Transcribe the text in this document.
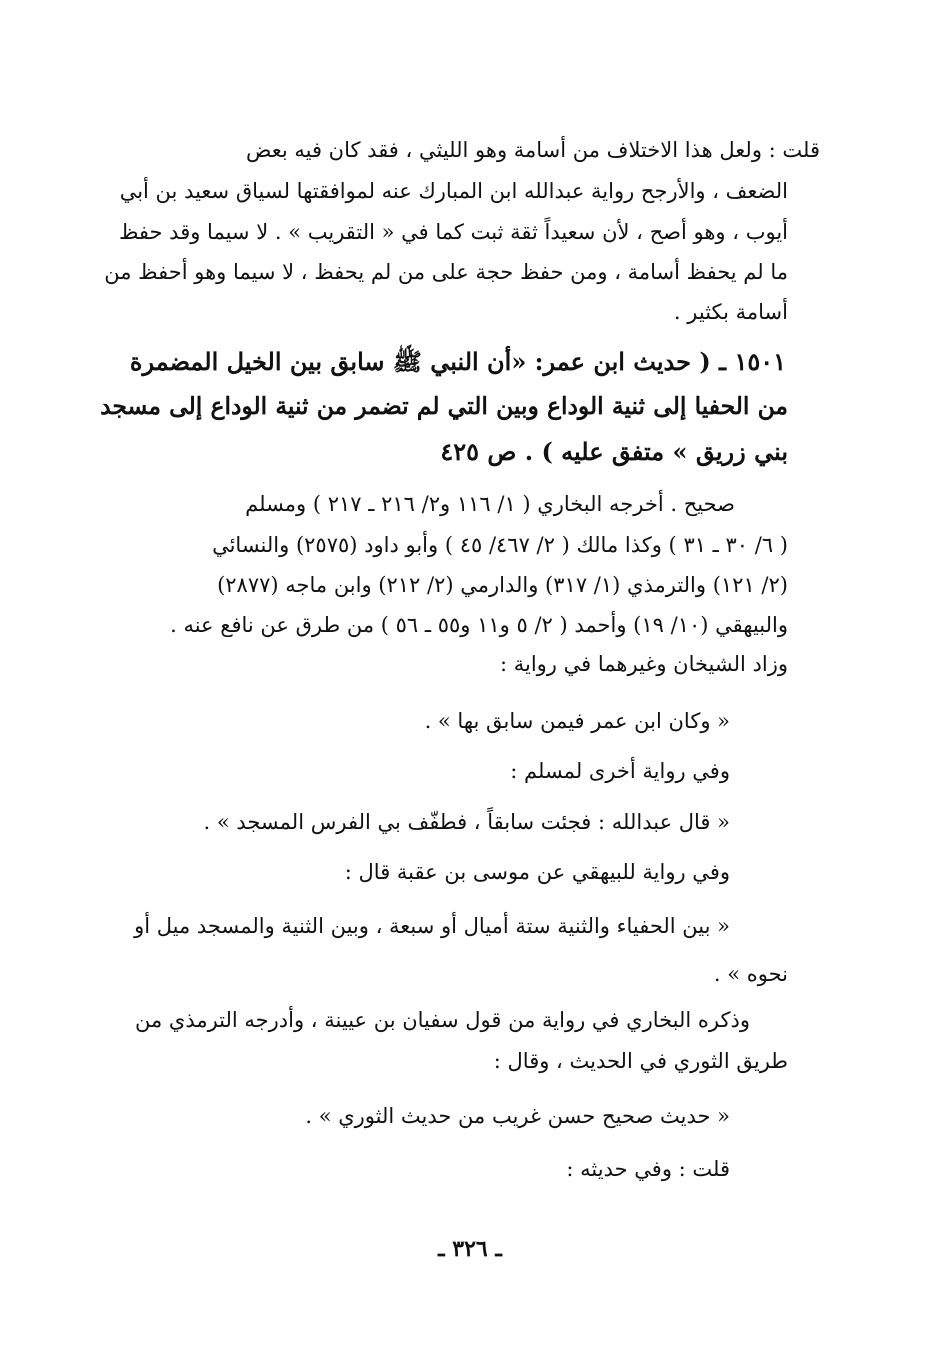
قلت : ولعل هذا الاختلاف من أسامة وهو الليثي ، فقد كان فيه بعض
الضعف ، والأرجح رواية عبدالله ابن المبارك عنه لموافقتها لسياق سعيد بن أبي
أيوب ، وهو أصح ، لأن سعيداً ثقة ثبت كما في « التقريب » . لا سيما وقد حفظ
ما لم يحفظ أسامة ، ومن حفظ حجة على من لم يحفظ ، لا سيما وهو أحفظ من
أسامة بكثير .
١٥٠١ ـ ( حديث ابن عمر: «أن النبي ﷺ سابق بين الخيل المضمرة
من الحفيا إلى ثنية الوداع وبين التي لم تضمر من ثنية الوداع إلى مسجد
بني زريق » متفق عليه ) . ص ٤٢٥
صحيح . أخرجه البخاري ( ١/ ١١٦ و٢/ ٢١٦ ـ ٢١٧ ) ومسلم
( ٦/ ٣٠ ـ ٣١ ) وكذا مالك ( ٢/ ٤٦٧/ ٤٥ ) وأبو داود (٢٥٧٥) والنسائي
(٢/ ١٢١) والترمذي (١/ ٣١٧) والدارمي (٢/ ٢١٢) وابن ماجه (٢٨٧٧)
والبيهقي (١٠/ ١٩) وأحمد ( ٢/ ٥ و١١ و٥٥ ـ ٥٦ ) من طرق عن نافع عنه .
وزاد الشيخان وغيرهما في رواية :
« وكان ابن عمر فيمن سابق بها » .
وفي رواية أخرى لمسلم :
« قال عبدالله : فجئت سابقاً ، فطفّف بي الفرس المسجد » .
وفي رواية للبيهقي عن موسى بن عقبة قال :
« بين الحفياء والثنية ستة أميال أو سبعة ، وبين الثنية والمسجد ميل أو
نحوه » .
وذكره البخاري في رواية من قول سفيان بن عيينة ، وأدرجه الترمذي من
طريق الثوري في الحديث ، وقال :
« حديث صحيح حسن غريب من حديث الثوري » .
قلت : وفي حديثه :
ـ ٣٢٦ ـ
